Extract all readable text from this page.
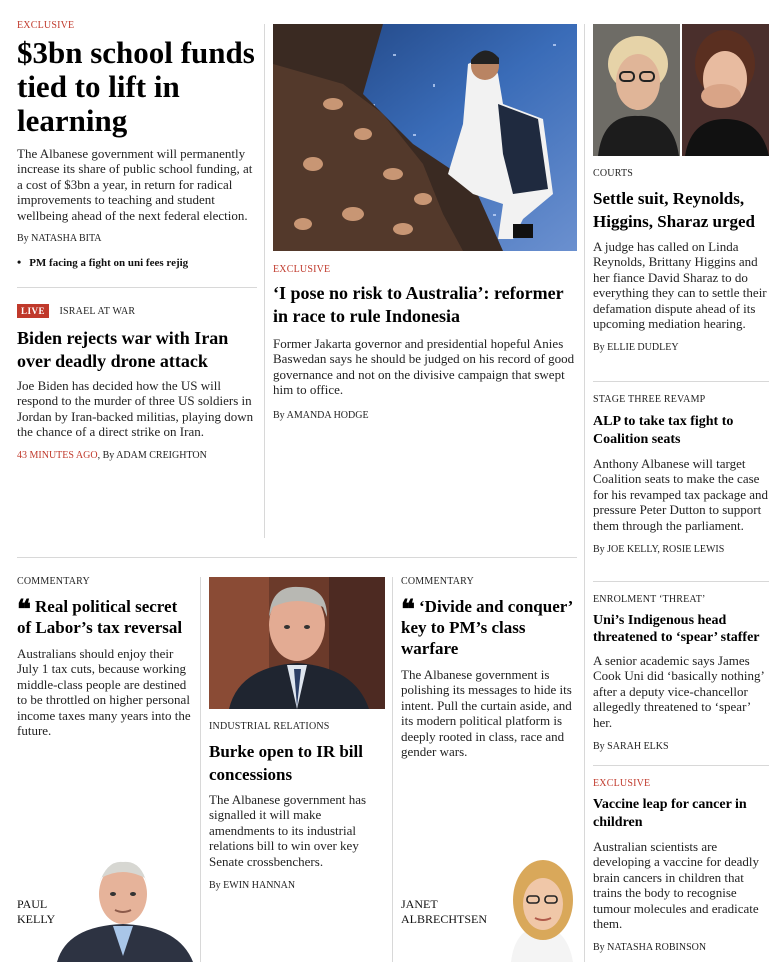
EXCLUSIVE
$3bn school funds tied to lift in learning

The Albanese government will permanently increase its share of public school funding, at a cost of $3bn a year, in return for radical improvements to teaching and student wellbeing ahead of the next federal election.

By NATASHA BITA
• PM facing a fight on uni fees rejig
LIVE ISRAEL AT WAR
Biden rejects war with Iran over deadly drone attack

Joe Biden has decided how the US will respond to the murder of three US soldiers in Jordan by Iran-backed militias, playing down the chance of a direct strike on Iran.

43 MINUTES AGO, By ADAM CREIGHTON
EXCLUSIVE
‘I pose no risk to Australia’: reformer in race to rule Indonesia

Former Jakarta governor and presidential hopeful Anies Baswedan says he should be judged on his record of good governance and not on the divisive campaign that swept him to office.

By AMANDA HODGE
COURTS
Settle suit, Reynolds, Higgins, Sharaz urged

A judge has called on Linda Reynolds, Brittany Higgins and her fiance David Sharaz to do everything they can to settle their defamation dispute ahead of its upcoming mediation hearing.

By ELLIE DUDLEY
STAGE THREE REVAMP
ALP to take tax fight to Coalition seats

Anthony Albanese will target Coalition seats to make the case for his revamped tax package and pressure Peter Dutton to support them through the parliament.

By JOE KELLY, ROSIE LEWIS
ENROLMENT ‘THREAT’
Uni’s Indigenous head threatened to ‘spear’ staffer

A senior academic says James Cook Uni did ‘basically nothing’ after a deputy vice-chancellor allegedly threatened to ‘spear’ her.

By SARAH ELKS
EXCLUSIVE
Vaccine leap for cancer in children

Australian scientists are developing a vaccine for deadly brain cancers in children that trains the body to recognise tumour molecules and eradicate them.

By NATASHA ROBINSON
COMMENTARY
❝ Real political secret of Labor’s tax reversal

Australians should enjoy their July 1 tax cuts, because working middle-class people are destined to be throttled on higher personal income taxes many years into the future.

PAUL
KELLY
INDUSTRIAL RELATIONS
Burke open to IR bill concessions

The Albanese government has signalled it will make amendments to its industrial relations bill to win over key Senate crossbenchers.

By EWIN HANNAN
COMMENTARY
❝ ‘Divide and conquer’ key to PM’s class warfare

The Albanese government is polishing its messages to hide its intent. Pull the curtain aside, and its modern political platform is deeply rooted in class, race and gender wars.

JANET
ALBRECHTSEN
